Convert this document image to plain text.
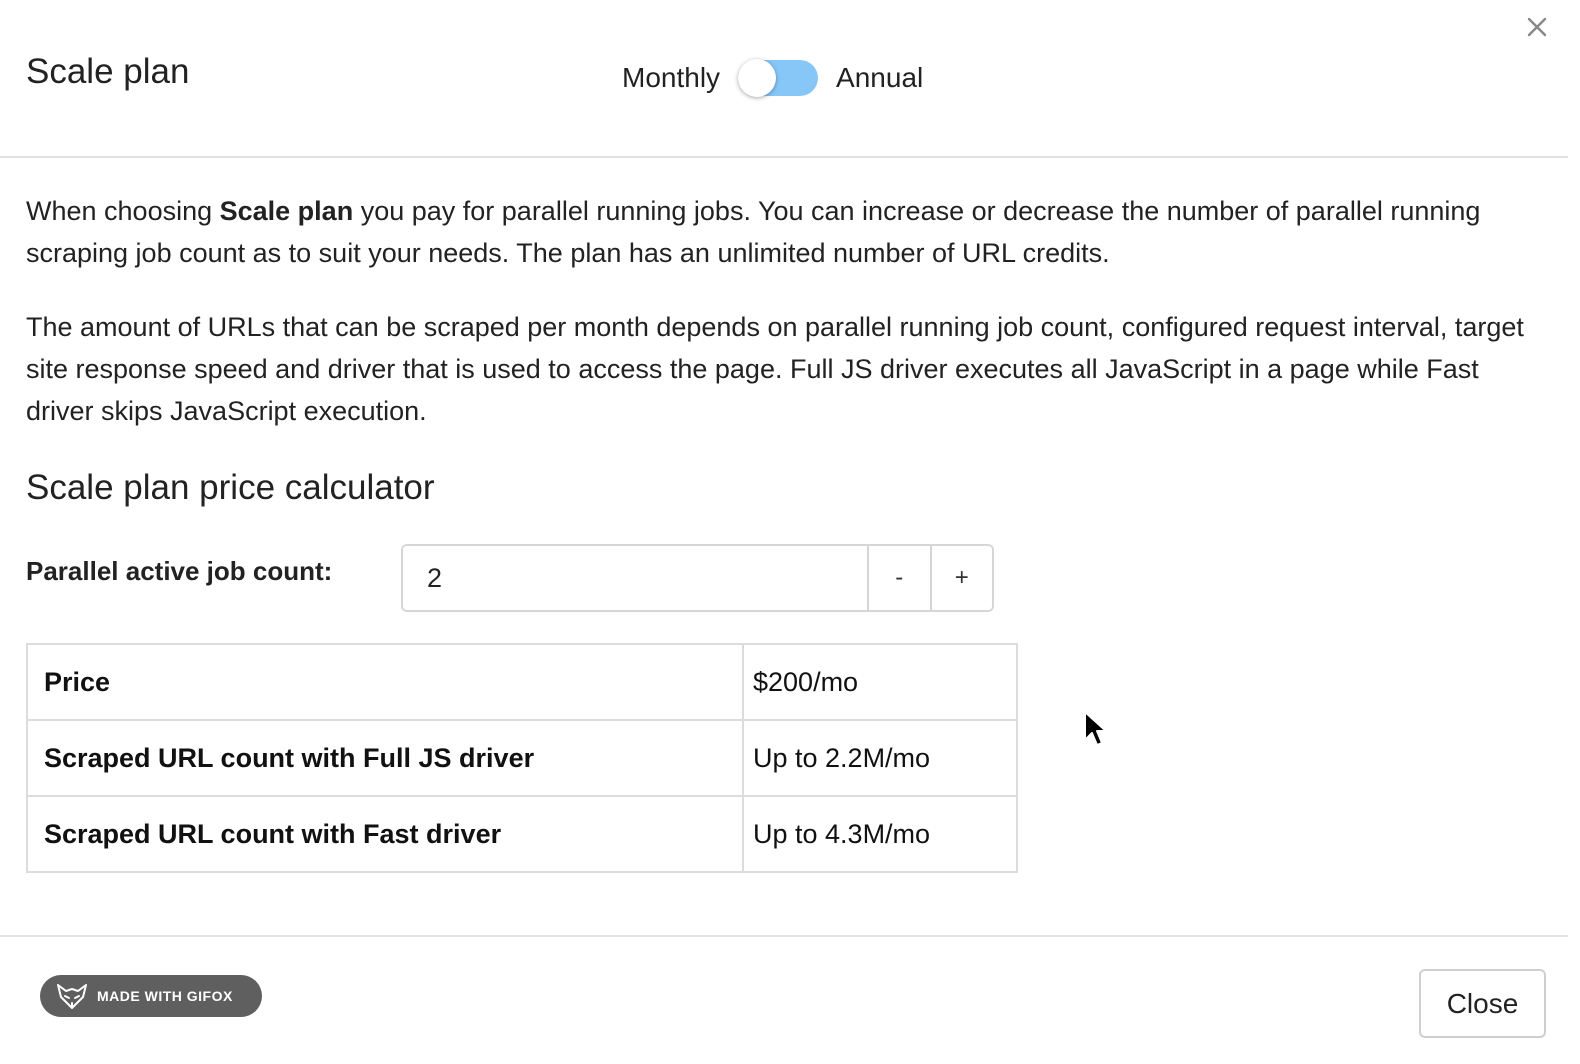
Scale plan	Monthly	Annual

When choosing Scale plan you pay for parallel running jobs. You can increase or decrease the number of parallel running scraping job count as to suit your needs. The plan has an unlimited number of URL credits.

The amount of URLs that can be scraped per month depends on parallel running job count, configured request interval, target site response speed and driver that is used to access the page. Full JS driver executes all JavaScript in a page while Fast driver skips JavaScript execution.

Scale plan price calculator
Parallel active job count:
2	-	+
Price	$200/mo
Scraped URL count with Full JS driver	Up to 2.2M/mo
Scraped URL count with Fast driver	Up to 4.3M/mo
MADE WITH GIFOX	Close
